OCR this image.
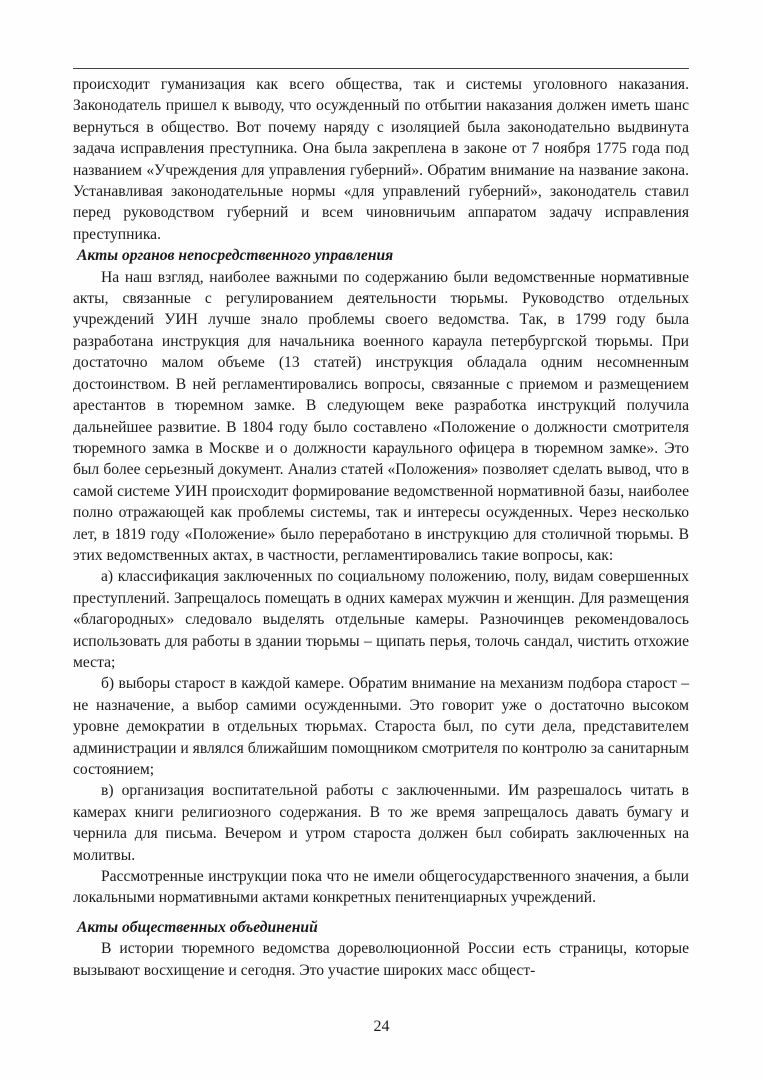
происходит гуманизация как всего общества, так и системы уголовного наказания. Законодатель пришел к выводу, что осужденный по отбытии наказания должен иметь шанс вернуться в общество. Вот почему наряду с изоляцией была законодательно выдвинута задача исправления преступника. Она была закреплена в законе от 7 ноября 1775 года под названием «Учреждения для управления губерний». Обратим внимание на название закона. Устанавливая законодательные нормы «для управлений губерний», законодатель ставил перед руководством губерний и всем чиновничьим аппаратом задачу исправления преступника.

Акты органов непосредственного управления

На наш взгляд, наиболее важными по содержанию были ведомственные нормативные акты, связанные с регулированием деятельности тюрьмы. Руководство отдельных учреждений УИН лучше знало проблемы своего ведомства. Так, в 1799 году была разработана инструкция для начальника военного караула петербургской тюрьмы. При достаточно малом объеме (13 статей) инструкция обладала одним несомненным достоинством. В ней регламентировались вопросы, связанные с приемом и размещением арестантов в тюремном замке. В следующем веке разработка инструкций получила дальнейшее развитие. В 1804 году было составлено «Положение о должности смотрителя тюремного замка в Москве и о должности караульного офицера в тюремном замке». Это был более серьезный документ. Анализ статей «Положения» позволяет сделать вывод, что в самой системе УИН происходит формирование ведомственной нормативной базы, наиболее полно отражающей как проблемы системы, так и интересы осужденных. Через несколько лет, в 1819 году «Положение» было переработано в инструкцию для столичной тюрьмы. В этих ведомственных актах, в частности, регламентировались такие вопросы, как:

а) классификация заключенных по социальному положению, полу, видам совершенных преступлений. Запрещалось помещать в одних камерах мужчин и женщин. Для размещения «благородных» следовало выделять отдельные камеры. Разночинцев рекомендовалось использовать для работы в здании тюрьмы – щипать перья, толочь сандал, чистить отхожие места;

б) выборы старост в каждой камере. Обратим внимание на механизм подбора старост – не назначение, а выбор самими осужденными. Это говорит уже о достаточно высоком уровне демократии в отдельных тюрьмах. Староста был, по сути дела, представителем администрации и являлся ближайшим помощником смотрителя по контролю за санитарным состоянием;

в) организация воспитательной работы с заключенными. Им разрешалось читать в камерах книги религиозного содержания. В то же время запрещалось давать бумагу и чернила для письма. Вечером и утром староста должен был собирать заключенных на молитвы.

Рассмотренные инструкции пока что не имели общегосударственного значения, а были локальными нормативными актами конкретных пенитенциарных учреждений.

Акты общественных объединений

В истории тюремного ведомства дореволюционной России есть страницы, которые вызывают восхищение и сегодня. Это участие широких масс общест-

24
